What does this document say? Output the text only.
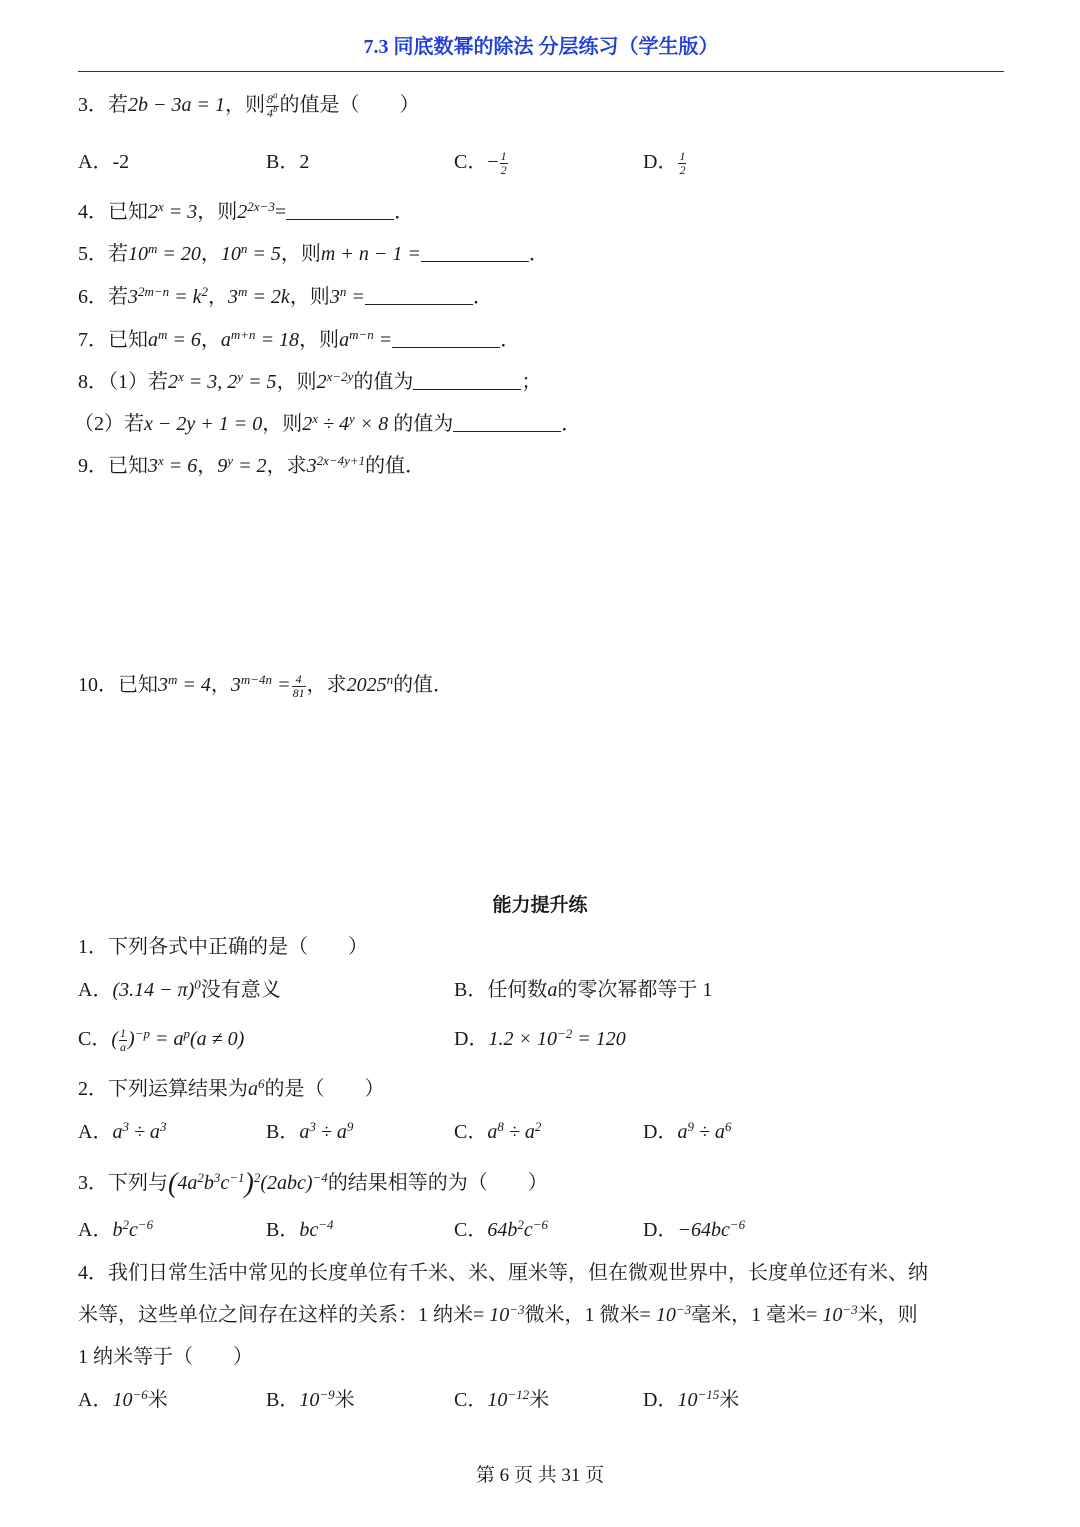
7.3 同底数幂的除法 分层练习（学生版）
3．若2b − 3a = 1，则 $\frac{8^a}{4^b}$ 的值是（　　）
A．-2	B．2	C．− $\frac{1}{2}$	D． $\frac{1}{2}$
4．已知$2^x = 3$，则$2^{2x-3}=$	．
5．若$10^m = 20$，$10^n = 5$，则m + n − 1 =	．
6．若$3^{2m-n} = k^2$，$3^m = 2k$，则$3^n$ =	．
7．已知$a^m = 6$，$a^{m+n} = 18$，则$a^{m-n}$ =	．
8．（1）若$2^x = 3$, $2^y = 5$，则$2^{x-2y}$的值为	；
（2）若x − 2y + 1 = 0，则$2^x \div 4^y \times 8$ 的值为	．
9．已知$3^x = 6$，$9^y = 2$，求$3^{2x-4y+1}$的值．
10．已知$3^m = 4$，$3^{m-4n} = \frac{4}{81}$ ，求2025$^n$的值．
能力提升练
1．下列各式中正确的是（　　）
A．$(3.14 - \pi)^0$没有意义	B．任何数a的零次幂都等于 1
C．( $\frac{1}{a} )^{-p} = a^p(a \ne 0)$	D．$1.2 \times 10^{-2} = 120$
2．下列运算结果为$a^6$的是（　　）
A．$a^3 \div a^3$	B．$a^3 \div a^9$	C．$a^8 \div a^2$	D．$a^9 \div a^6$
3．下列与$(4a^2b^3c^{-1})^2(2abc)^{-4}$的结果相等的为（　　）
A．$b^2c^{-6}$	B．$bc^{-4}$	C．$64b^2c^{-6}$	D．$-64bc^{-6}$
4．我们日常生活中常见的长度单位有千米、米、厘米等，但在微观世界中，长度单位还有米、纳
米等，这些单位之间存在这样的关系：1 纳米= $10^{-3}$微米，1 微米= $10^{-3}$毫米，1 毫米= $10^{-3}$米，则
1 纳米等于（　　）
A．$10^{-6}$米	B．$10^{-9}$米	C．$10^{-12}$米	D．$10^{-15}$米
第 6 页 共 31 页
